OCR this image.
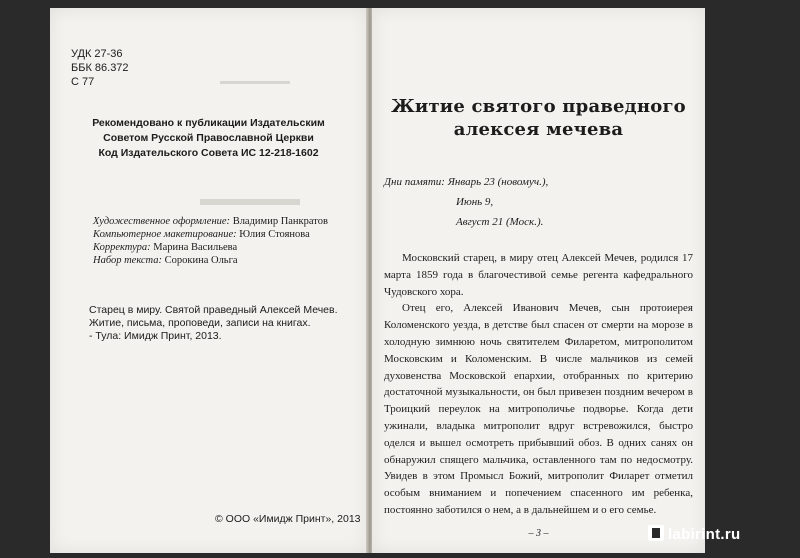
▬▬▬▬▬▬▬
▬▬▬▬▬
УДК 27-36
ББК 86.372
С 77
Рекомендовано к публикации Издательским
Советом Русской Православной Церкви
Код Издательского Совета ИС 12-218-1602
Художественное оформление: Владимир Панкратов
Компьютерное макетирование: Юлия Стоянова
Корректура: Марина Васильева
Набор текста: Сорокина Ольга
Старец в миру. Святой праведный Алексей Мечев.
Житие, письма, проповеди, записи на книгах.
- Тула: Имидж Принт, 2013.
© ООО «Имидж Принт», 2013
Житие святого праведного
алексея мечева
Дни памяти: Январь 23 (новомуч.),
Июнь 9,
Август 21 (Моск.).

Московский старец, в миру отец Алексей Мечев, родился 17 марта 1859 года в благочестивой семье регента кафедрального Чудовского хора.

Отец его, Алексей Иванович Мечев, сын протоиерея Коломенского уезда, в детстве был спасен от смерти на морозе в холодную зимнюю ночь святителем Филаретом, митрополитом Московским и Коломенским. В числе мальчиков из семей духовенства Московской епархии, отобранных по критерию достаточной музыкальности, он был привезен поздним вечером в Троицкий переулок на митрополичье подворье. Когда дети ужинали, владыка митрополит вдруг встревожился, быстро оделся и вышел осмотреть прибывший обоз. В одних санях он обнаружил спящего мальчика, оставленного там по недосмотру. Увидев в этом Промысл Божий, митрополит Филарет отметил особым вниманием и попечением спасенного им ребенка, постоянно заботился о нем, а в дальнейшем и о его семье.

– 3 –	labirint.ru
